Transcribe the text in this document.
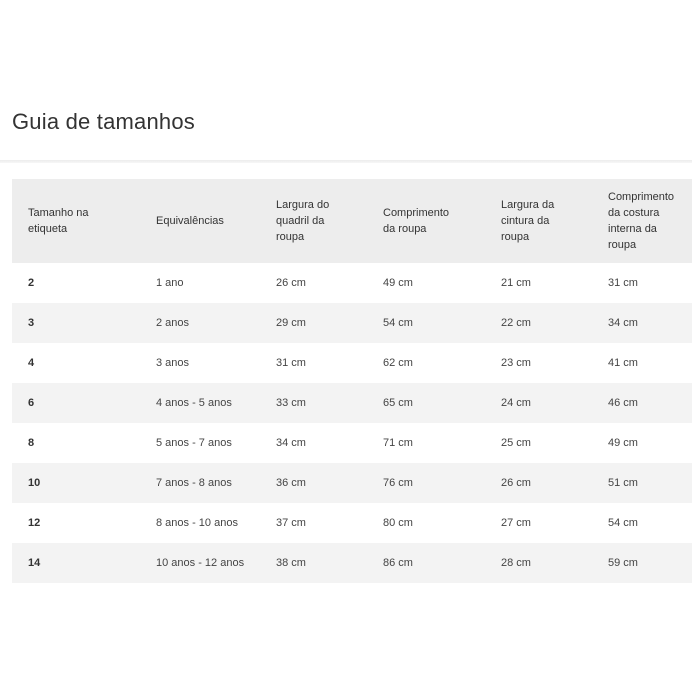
Guia de tamanhos
Tamanho na etiqueta	Equivalências	Largura do quadril da roupa	Comprimento da roupa	Largura da cintura da roupa	Comprimento da costura interna da roupa

2	1 ano	26 cm	49 cm	21 cm	31 cm
3	2 anos	29 cm	54 cm	22 cm	34 cm
4	3 anos	31 cm	62 cm	23 cm	41 cm
6	4 anos - 5 anos	33 cm	65 cm	24 cm	46 cm
8	5 anos - 7 anos	34 cm	71 cm	25 cm	49 cm
10	7 anos - 8 anos	36 cm	76 cm	26 cm	51 cm
12	8 anos - 10 anos	37 cm	80 cm	27 cm	54 cm
14	10 anos - 12 anos	38 cm	86 cm	28 cm	59 cm
